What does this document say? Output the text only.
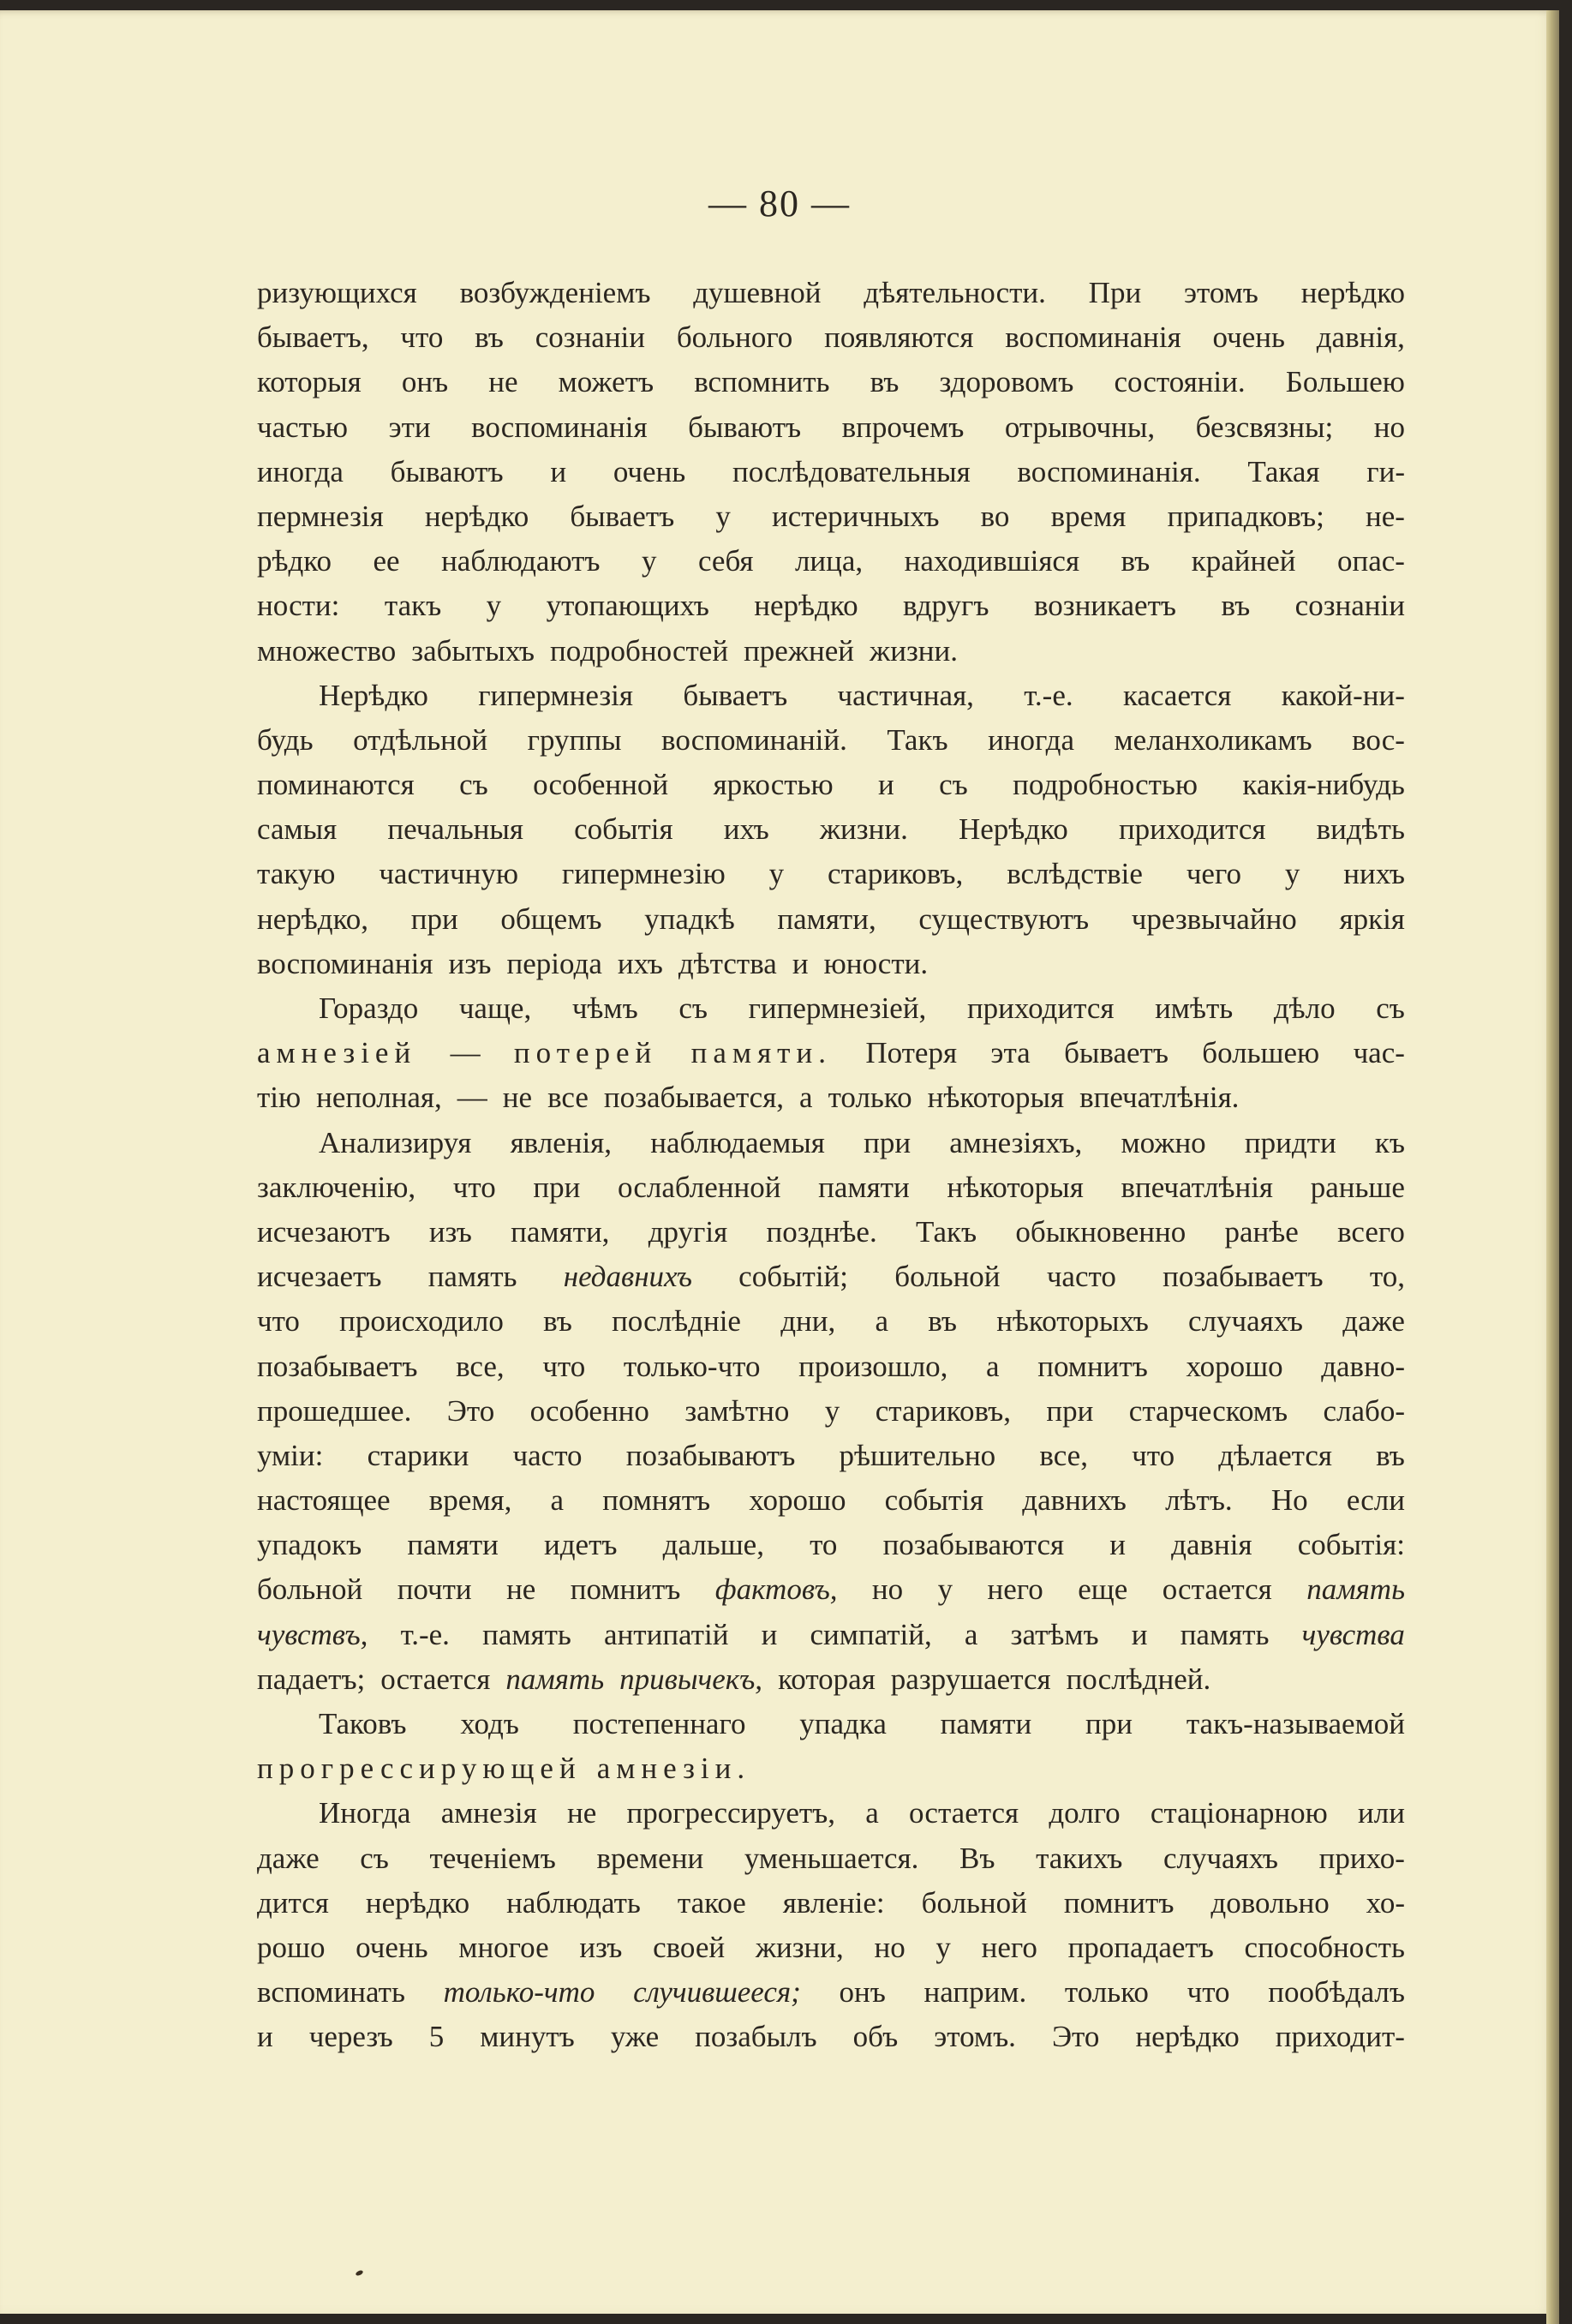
— 80 —
ризующихся возбужденіемъ душевной дѣятельности. При этомъ нерѣдко
бываетъ, что въ сознаніи больного появляются воспоминанія очень давнія,
которыя онъ не можетъ вспомнить въ здоровомъ состояніи. Большею
частью эти воспоминанія бываютъ впрочемъ отрывочны, безсвязны; но
иногда бываютъ и очень послѣдовательныя воспоминанія. Такая ги-
пермнезія нерѣдко бываетъ у истеричныхъ во время припадковъ; не-
рѣдко ее наблюдаютъ у себя лица, находившіяся въ крайней опас-
ности: такъ у утопающихъ нерѣдко вдругъ возникаетъ въ сознаніи
множество забытыхъ подробностей прежней жизни.
Нерѣдко гипермнезія бываетъ частичная, т.-е. касается какой-ни-
будь отдѣльной группы воспоминаній. Такъ иногда меланхоликамъ вос-
поминаются съ особенной яркостью и съ подробностью какія-нибудь
самыя печальныя событія ихъ жизни. Нерѣдко приходится видѣть
такую частичную гипермнезію у стариковъ, вслѣдствіе чего у нихъ
нерѣдко, при общемъ упадкѣ памяти, существуютъ чрезвычайно яркія
воспоминанія изъ періода ихъ дѣтства и юности.
Гораздо чаще, чѣмъ съ гипермнезіей, приходится имѣть дѣло съ
амнезіей — потерей памяти. Потеря эта бываетъ большею час-
тію неполная, — не все позабывается, а только нѣкоторыя впечатлѣнія.
Анализируя явленія, наблюдаемыя при амнезіяхъ, можно придти къ
заключенію, что при ослабленной памяти нѣкоторыя впечатлѣнія раньше
исчезаютъ изъ памяти, другія позднѣе. Такъ обыкновенно ранѣе всего
исчезаетъ память недавнихъ событій; больной часто позабываетъ то,
что происходило въ послѣдніе дни, а въ нѣкоторыхъ случаяхъ даже
позабываетъ все, что только-что произошло, а помнитъ хорошо давно-
прошедшее. Это особенно замѣтно у стариковъ, при старческомъ слабо-
уміи: старики часто позабываютъ рѣшительно все, что дѣлается въ
настоящее время, а помнятъ хорошо событія давнихъ лѣтъ. Но если
упадокъ памяти идетъ дальше, то позабываются и давнія событія:
больной почти не помнитъ фактовъ, но у него еще остается память
чувствъ, т.-е. память антипатій и симпатій, а затѣмъ и память чувства
падаетъ; остается память привычекъ, которая разрушается послѣдней.
Таковъ ходъ постепеннаго упадка памяти при такъ-называемой
прогрессирующей амнезіи.
Иногда амнезія не прогрессируетъ, а остается долго стаціонарною или
даже съ теченіемъ времени уменьшается. Въ такихъ случаяхъ прихо-
дится нерѣдко наблюдать такое явленіе: больной помнитъ довольно хо-
рошо очень многое изъ своей жизни, но у него пропадаетъ способность
вспоминать только-что случившееся; онъ наприм. только что пообѣдалъ
и черезъ 5 минутъ уже позабылъ объ этомъ. Это нерѣдко приходит-
